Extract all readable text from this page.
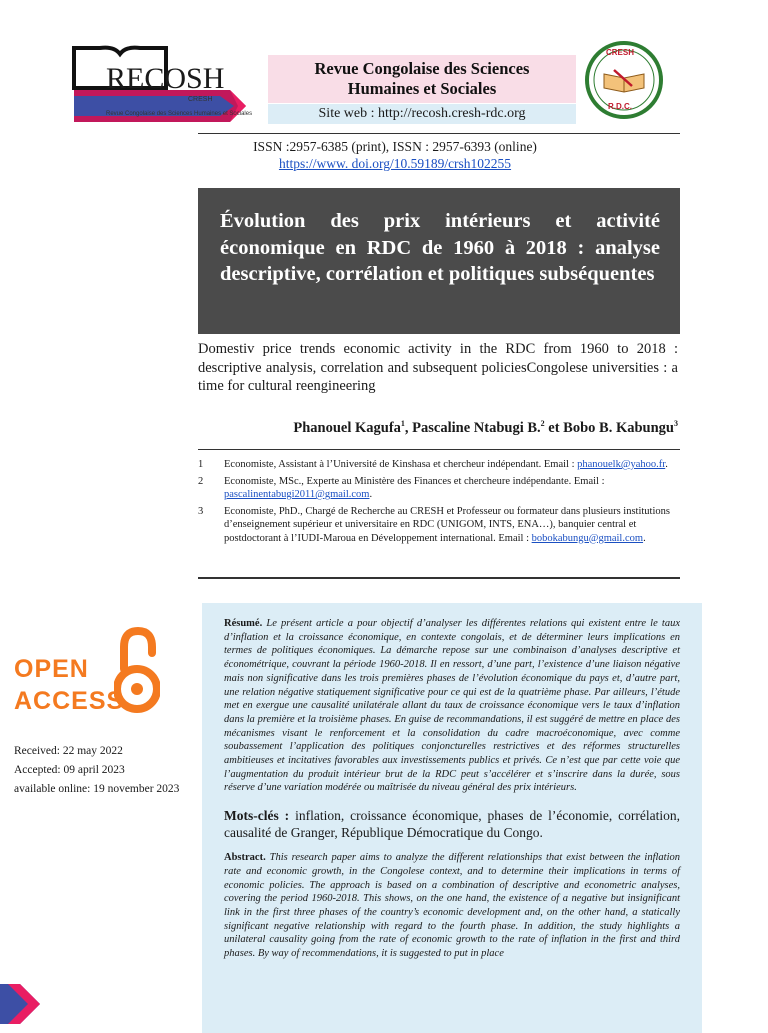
RECOSH
CRESH
Revue Congolaise des Sciences Humaines et Sociales
Revue Congolaise des Sciences
Humaines et Sociales
Site web : http://recosh.cresh-rdc.org
CRESH
R.D.C.
ISSN :2957-6385 (print), ISSN : 2957-6393 (online)
https://www. doi.org/10.59189/crsh102255
Évolution des prix intérieurs et activité économique en RDC de 1960 à 2018 : analyse descriptive, corrélation et politiques subséquentes
Domestiv price trends economic activity in the RDC from 1960 to 2018 : descriptive analysis, correlation and subsequent policiesCongolese universities : a time for cultural reengineering
Phanouel Kagufa$^1$, Pascaline Ntabugi B.$^2$ et Bobo B. Kabungu$^3$
1	Economiste, Assistant à l’Université de Kinshasa et chercheur indépendant. Email : phanouelk@yahoo.fr.
2	Economiste, MSc., Experte au Ministère des Finances et chercheure indépendante. Email : pascalinentabugi2011@gmail.com.
3	Economiste, PhD., Chargé de Recherche au CRESH et Professeur ou formateur dans plusieurs institutions d’enseignement supérieur et universitaire en RDC (UNIGOM, INTS, ENA…), banquier central et postdoctorant à l’IUDI-Maroua en Développement international. Email : bobokabungu@gmail.com.
OPEN
ACCESS
Received: 22 may 2022
Accepted: 09 april 2023
available online: 19 november 2023
Résumé. Le présent article a pour objectif d’analyser les différentes relations qui existent entre le taux d’inflation et la croissance économique, en contexte congolais, et de déterminer leurs implications en termes de politiques économiques. La démarche repose sur une combinaison d’analyses descriptive et économétrique, couvrant la période 1960-2018. Il en ressort, d’une part, l’existence d’une liaison négative mais non significative dans les trois premières phases de l’évolution économique du pays et, d’autre part, une relation négative statiquement significative pour ce qui est de la quatrième phase. Par ailleurs, l’étude met en exergue une causalité unilatérale allant du taux de croissance économique vers le taux d’inflation dans la première et la troisième phases. En guise de recommandations, il est suggéré de mettre en place des mécanismes visant le renforcement et la consolidation du cadre macroéconomique, avec comme soubassement l’application des politiques conjoncturelles restrictives et des réformes structurelles ambitieuses et incitatives favorables aux investissements publics et privés. Ce n’est que par cette voie que l’augmentation du produit intérieur brut de la RDC peut s’accélérer et s’inscrire dans la durée, sous réserve d’une variation modérée ou maîtrisée du niveau général des prix intérieurs.
Mots-clés : inflation, croissance économique, phases de l’économie, corrélation, causalité de Granger, République Démocratique du Congo.
Abstract. This research paper aims to analyze the different relationships that exist between the inflation rate and economic growth, in the Congolese context, and to determine their implications in terms of economic policies. The approach is based on a combination of descriptive and econometric analyses, covering the period 1960-2018. This shows, on the one hand, the existence of a negative but insignificant link in the first three phases of the country’s economic development and, on the other hand, a statically significant negative relationship with regard to the fourth phase. In addition, the study highlights a unilateral causality going from the rate of economic growth to the rate of inflation in the first and third phases. By way of recommendations, it is suggested to put in place
